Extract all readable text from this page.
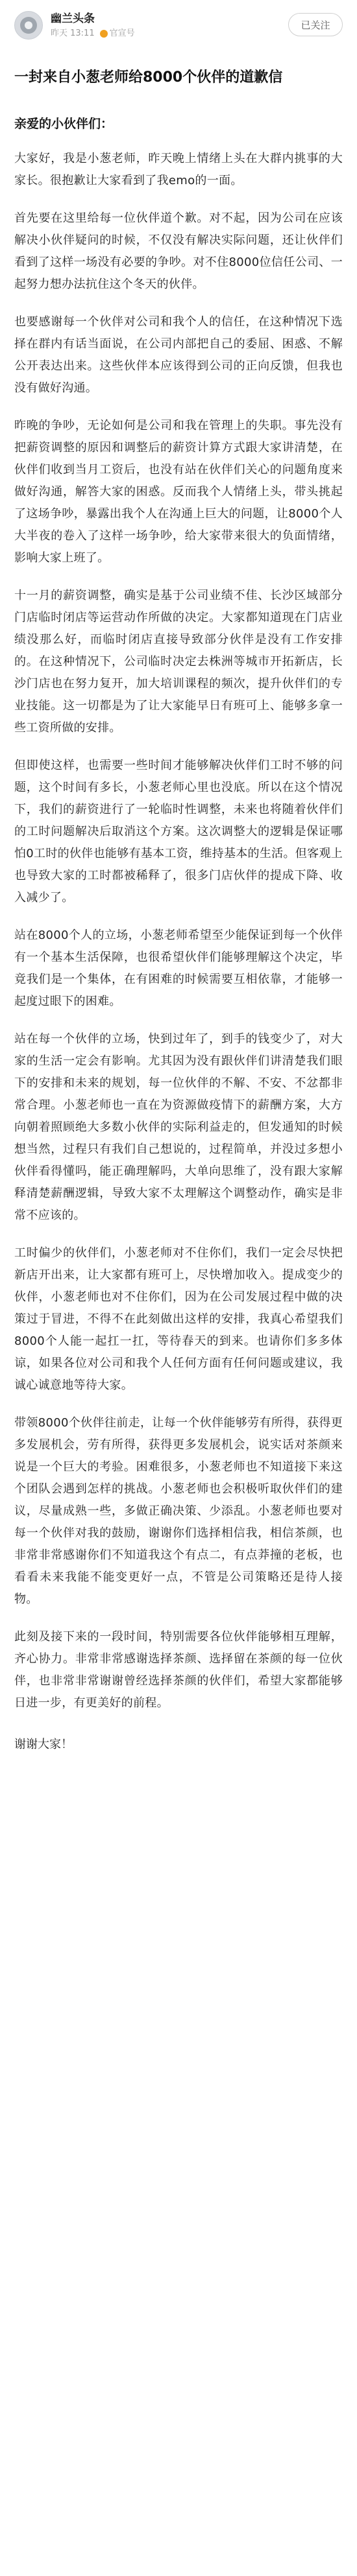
幽兰头条
昨天 13:11 官宣号
已关注
一封来自小葱老师给8000个伙伴的道歉信
亲爱的小伙伴们：

大家好，我是小葱老师，昨天晚上情绪上头在大群内挑事的大家长。很抱歉让大家看到了我emo的一面。

首先要在这里给每一位伙伴道个歉。对不起，因为公司在应该解决小伙伴疑问的时候，不仅没有解决实际问题，还让伙伴们看到了这样一场没有必要的争吵。对不住8000位信任公司、一起努力想办法抗住这个冬天的伙伴。

也要感谢每一个伙伴对公司和我个人的信任，在这种情况下选择在群内有话当面说，在公司内部把自己的委屈、困惑、不解公开表达出来。这些伙伴本应该得到公司的正向反馈，但我也没有做好沟通。

昨晚的争吵，无论如何是公司和我在管理上的失职。事先没有把薪资调整的原因和调整后的薪资计算方式跟大家讲清楚，在伙伴们收到当月工资后，也没有站在伙伴们关心的问题角度来做好沟通，解答大家的困惑。反而我个人情绪上头，带头挑起了这场争吵，暴露出我个人在沟通上巨大的问题，让8000个人大半夜的卷入了这样一场争吵，给大家带来很大的负面情绪，影响大家上班了。

十一月的薪资调整，确实是基于公司业绩不佳、长沙区域部分门店临时闭店等运营动作所做的决定。大家都知道现在门店业绩没那么好，而临时闭店直接导致部分伙伴是没有工作安排的。在这种情况下，公司临时决定去株洲等城市开拓新店，长沙门店也在努力复开，加大培训课程的频次，提升伙伴们的专业技能。这一切都是为了让大家能早日有班可上、能够多拿一些工资所做的安排。

但即使这样，也需要一些时间才能够解决伙伴们工时不够的问题，这个时间有多长，小葱老师心里也没底。所以在这个情况下，我们的薪资进行了一轮临时性调整，未来也将随着伙伴们的工时问题解决后取消这个方案。这次调整大的逻辑是保证哪怕0工时的伙伴也能够有基本工资，维持基本的生活。但客观上也导致大家的工时都被稀释了，很多门店伙伴的提成下降、收入减少了。

站在8000个人的立场，小葱老师希望至少能保证到每一个伙伴有一个基本生活保障，也很希望伙伴们能够理解这个决定，毕竟我们是一个集体，在有困难的时候需要互相依靠，才能够一起度过眼下的困难。

站在每一个伙伴的立场，快到过年了，到手的钱变少了，对大家的生活一定会有影响。尤其因为没有跟伙伴们讲清楚我们眼下的安排和未来的规划，每一位伙伴的不解、不安、不忿都非常合理。小葱老师也一直在为资源做疫情下的薪酬方案，大方向朝着照顾绝大多数小伙伴的实际利益走的，但发通知的时候想当然，过程只有我们自己想说的，过程简单，并没过多想小伙伴看得懂吗，能正确理解吗，大单向思维了，没有跟大家解释清楚薪酬逻辑，导致大家不太理解这个调整动作，确实是非常不应该的。

工时偏少的伙伴们，小葱老师对不住你们，我们一定会尽快把新店开出来，让大家都有班可上，尽快增加收入。提成变少的伙伴，小葱老师也对不住你们，因为在公司发展过程中做的决策过于冒进，不得不在此刻做出这样的安排，我真心希望我们8000个人能一起扛一扛，等待春天的到来。也请你们多多体谅，如果各位对公司和我个人任何方面有任何问题或建议，我诚心诚意地等待大家。

带领8000个伙伴往前走，让每一个伙伴能够劳有所得，获得更多发展机会，劳有所得，获得更多发展机会，说实话对茶颜来说是一个巨大的考验。困难很多，小葱老师也不知道接下来这个团队会遇到怎样的挑战。小葱老师也会积极听取伙伴们的建议，尽量成熟一些，多做正确决策、少添乱。小葱老师也要对每一个伙伴对我的鼓励，谢谢你们选择相信我，相信茶颜，也非常非常感谢你们不知道我这个有点二，有点莽撞的老板，也看看未来我能不能变更好一点，不管是公司策略还是待人接物。

此刻及接下来的一段时间，特别需要各位伙伴能够相互理解，齐心协力。非常非常感谢选择茶颜、选择留在茶颜的每一位伙伴，也非常非常谢谢曾经选择茶颜的伙伴们，希望大家都能够日进一步，有更美好的前程。

谢谢大家！
